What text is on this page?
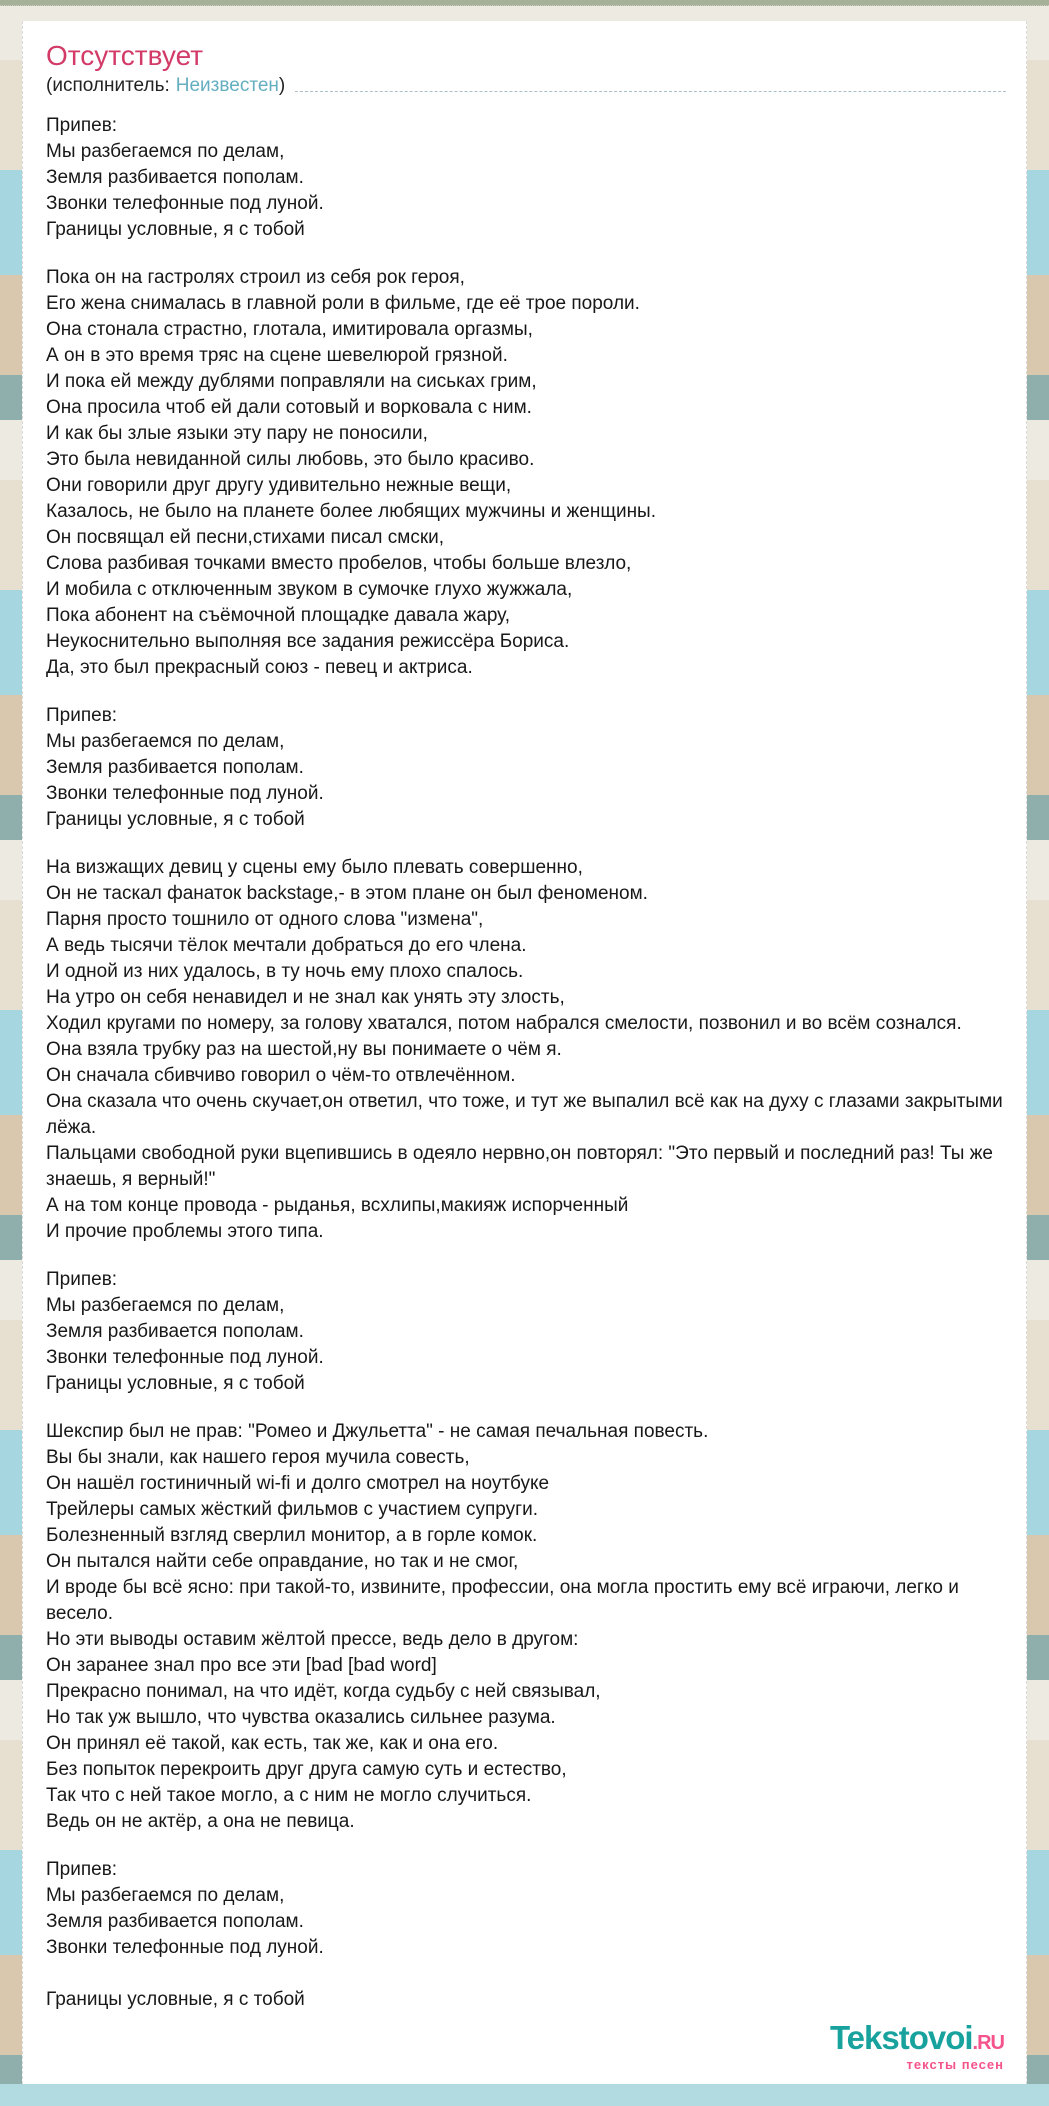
Отсутствует
(исполнитель: Неизвестен )
Припев:
Мы разбегаемся по делам,
Земля разбивается пополам.
Звонки телефонные под луной.
Границы условные, я с тобой
Пока он на гастролях строил из себя рок героя,
Его жена снималась в главной роли в фильме, где её трое пороли.
Она стонала страстно, глотала, имитировала оргазмы,
А он в это время тряс на сцене шевелюрой грязной.
И пока ей между дублями поправляли на сиськах грим,
Она просила чтоб ей дали сотовый и ворковала с ним.
И как бы злые языки эту пару не поносили,
Это была невиданной силы любовь, это было красиво.
Они говорили друг другу удивительно нежные вещи,
Казалось, не было на планете более любящих мужчины и женщины.
Он посвящал ей песни,стихами писал смски,
Слова разбивая точками вместо пробелов, чтобы больше влезло,
И мобила с отключенным звуком в сумочке глухо жужжала,
Пока абонент на съёмочной площадке давала жару,
Неукоснительно выполняя все задания режиссёра Бориса.
Да, это был прекрасный союз - певец и актриса.
Припев:
Мы разбегаемся по делам,
Земля разбивается пополам.
Звонки телефонные под луной.
Границы условные, я с тобой
На визжащих девиц у сцены ему было плевать совершенно,
Он не таскал фанаток backstage,- в этом плане он был феноменом.
Парня просто тошнило от одного слова "измена",
А ведь тысячи тёлок мечтали добраться до его члена.
И одной из них удалось, в ту ночь ему плохо спалось.
На утро он себя ненавидел и не знал как унять эту злость,
Ходил кругами по номеру, за голову хватался, потом набрался смелости, позвонил и во всём сознался.
Она взяла трубку раз на шестой,ну вы понимаете о чём я.
Он сначала сбивчиво говорил о чём-то отвлечённом.
Она сказала что очень скучает,он ответил, что тоже, и тут же выпалил всё как на духу с глазами закрытыми лёжа.
Пальцами свободной руки вцепившись в одеяло нервно,он повторял: "Это первый и последний раз! Ты же знаешь, я верный!"
А на том конце провода - рыданья, всхлипы,макияж испорченный
И прочие проблемы этого типа.
Припев:
Мы разбегаемся по делам,
Земля разбивается пополам.
Звонки телефонные под луной.
Границы условные, я с тобой
Шекспир был не прав: "Ромео и Джульетта" - не самая печальная повесть.
Вы бы знали, как нашего героя мучила совесть,
Он нашёл гостиничный wi-fi и долго смотрел на ноутбуке
Трейлеры самых жёсткий фильмов с участием супруги.
Болезненный взгляд сверлил монитор, а в горле комок.
Он пытался найти себе оправдание, но так и не смог,
И вроде бы всё ясно: при такой-то, извините, профессии, она могла простить ему всё играючи, легко и весело.
Но эти выводы оставим жёлтой прессе, ведь дело в другом:
Он заранее знал про все эти [bad [bad word]
Прекрасно понимал, на что идёт, когда судьбу с ней связывал,
Но так уж вышло, что чувства оказались сильнее разума.
Он принял её такой, как есть, так же, как и она его.
Без попыток перекроить друг друга самую суть и естество,
Так что с ней такое могло, а с ним не могло случиться.
Ведь он не актёр, а она не певица.
Припев:
Мы разбегаемся по делам,
Земля разбивается пополам.
Звонки телефонные под луной.
Границы условные, я с тобой
Tekstovoi.RU
тексты песен
